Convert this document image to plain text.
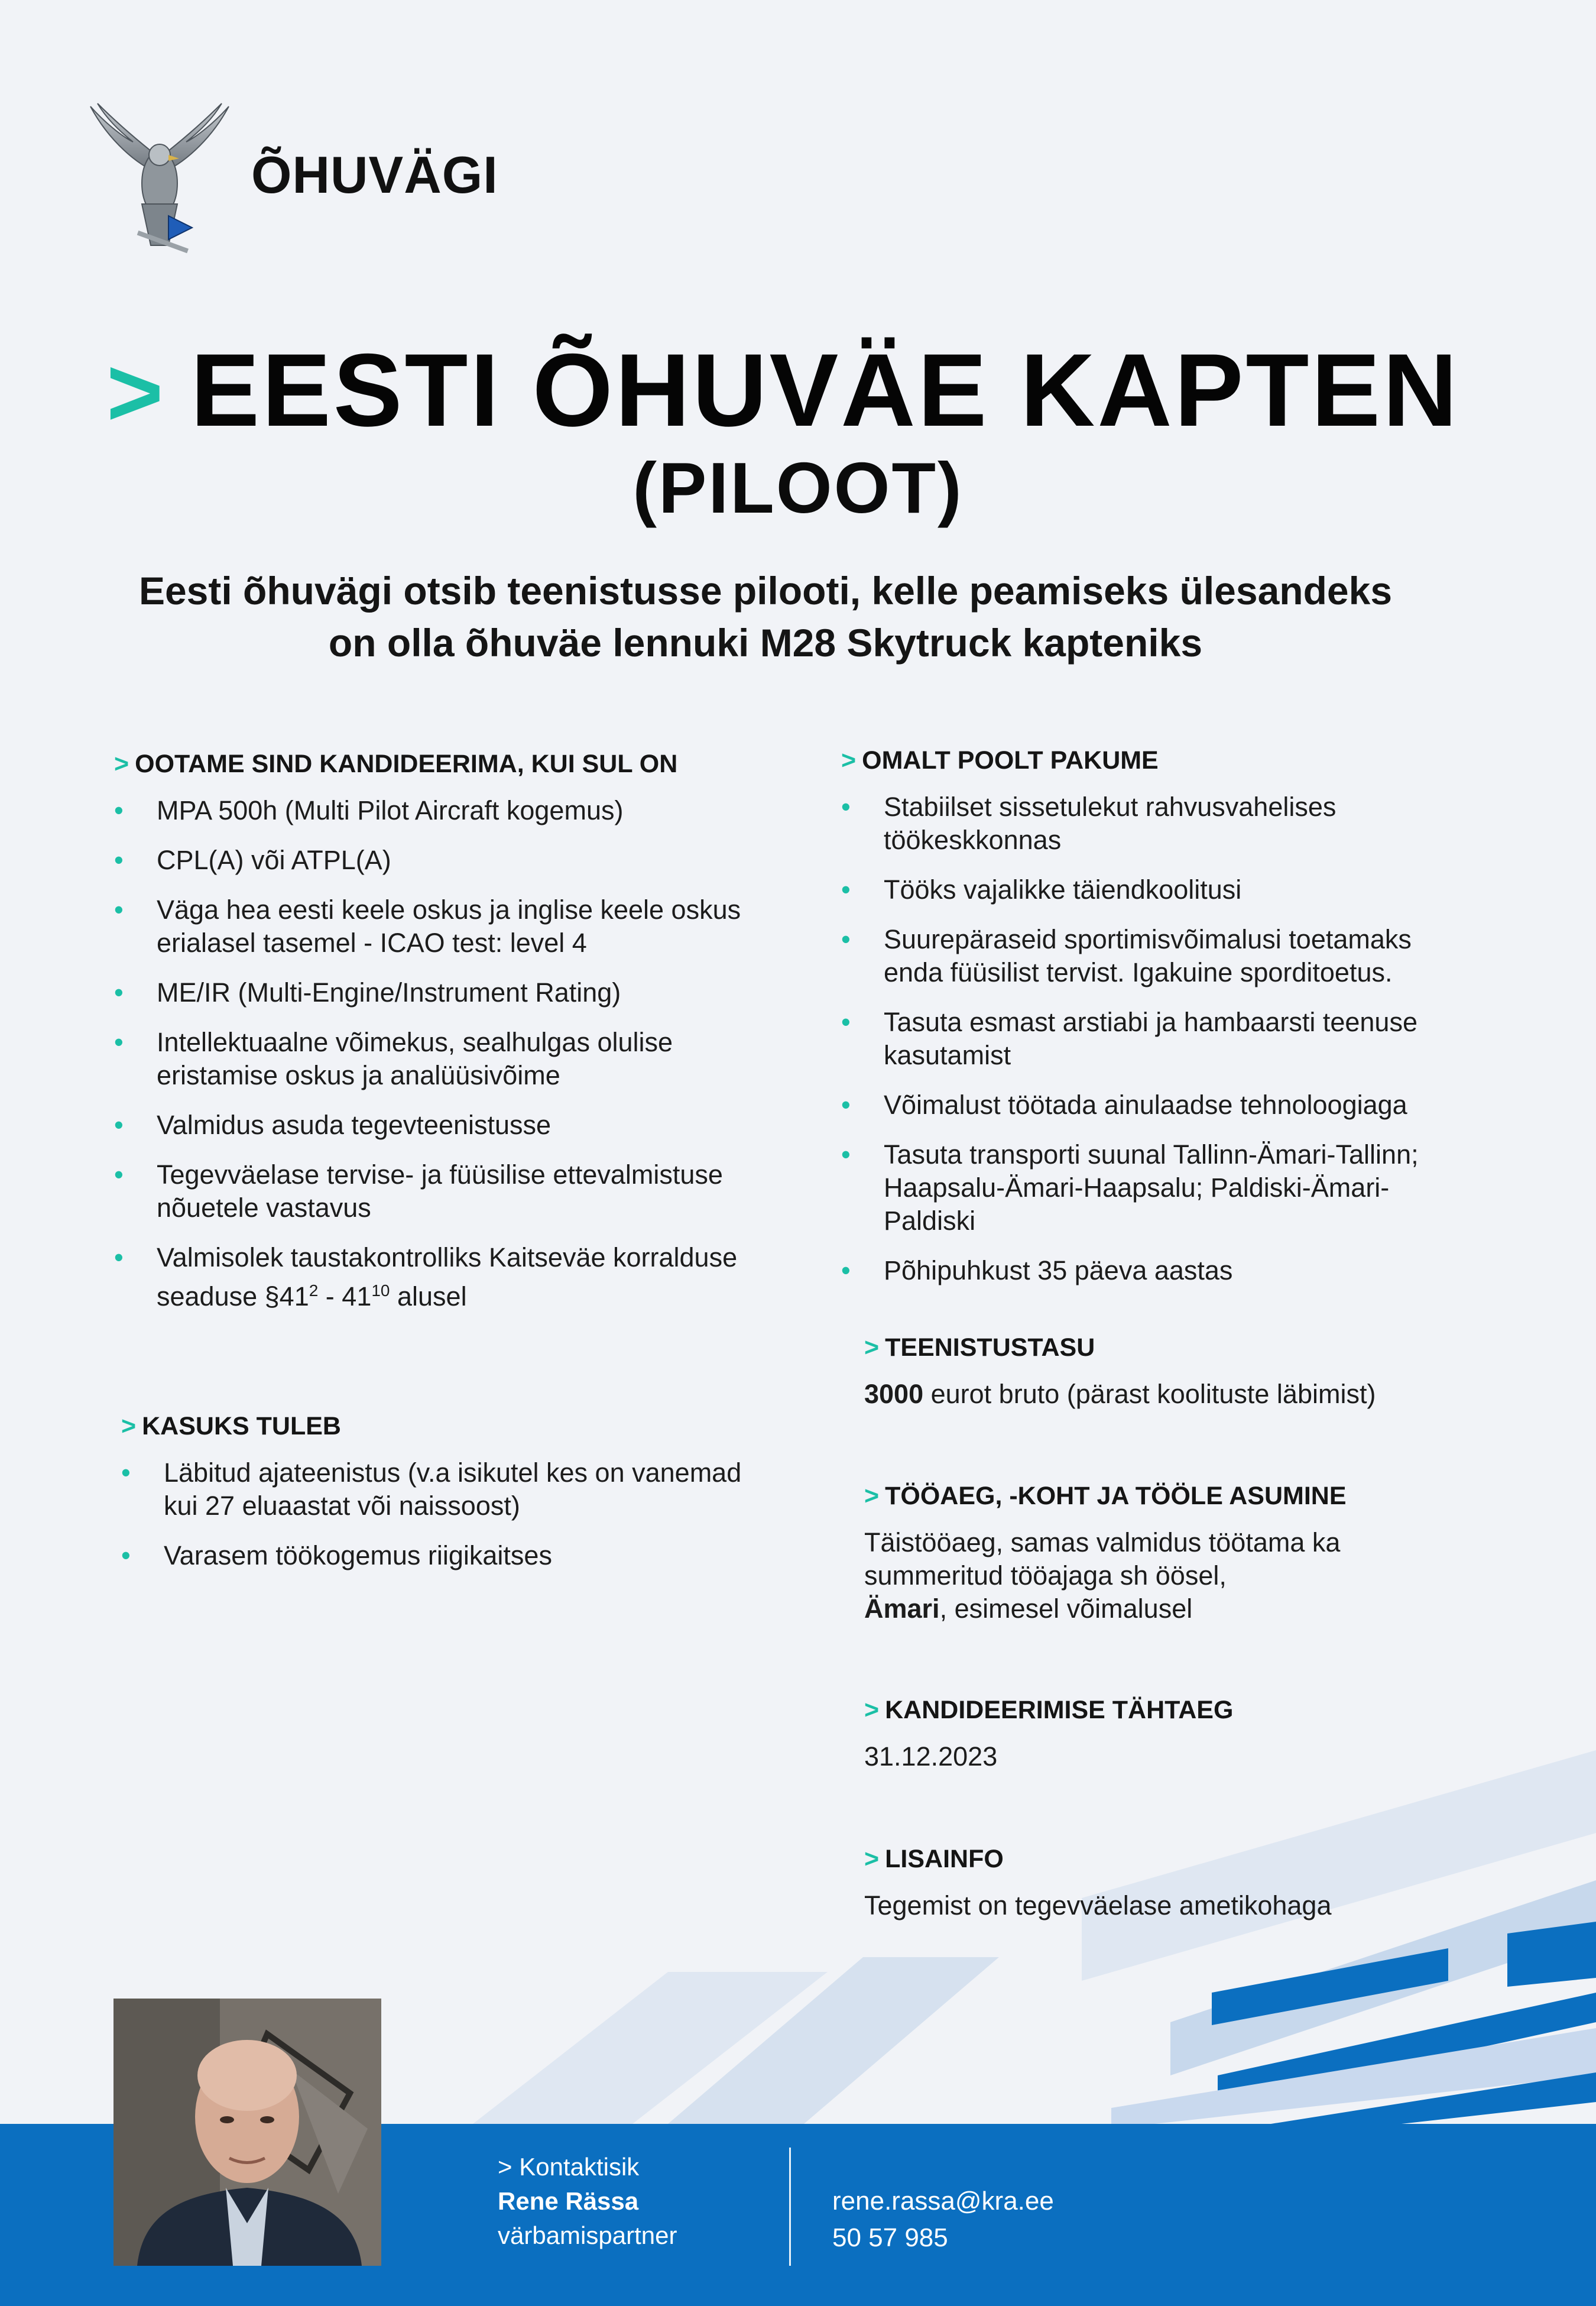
ÕHUVÄGI
> EESTI ÕHUVÄE KAPTEN
(PILOOT)
Eesti õhuvägi otsib teenistusse pilooti, kelle peamiseks ülesandeks
on olla õhuväe lennuki M28 Skytruck kapteniks
> OOTAME SIND KANDIDEERIMA, KUI SUL ON
• MPA 500h (Multi Pilot Aircraft kogemus)
• CPL(A) või ATPL(A)
• Väga hea eesti keele oskus ja inglise keele oskus erialasel tasemel - ICAO test: level 4
• ME/IR (Multi-Engine/Instrument Rating)
• Intellektuaalne võimekus, sealhulgas olulise eristamise oskus ja analüüsivõime
• Valmidus asuda tegevteenistusse
• Tegevväelase tervise- ja füüsilise ettevalmistuse nõuetele vastavus
• Valmisolek taustakontrolliks Kaitseväe korralduse
seaduse $\S 41^2 - 41^{10}$ alusel
> KASUKS TULEB
• Läbitud ajateenistus (v.a isikutel kes on vanemad kui 27 eluaastat või naissoost)
• Varasem töökogemus riigikaitses
> OMALT POOLT PAKUME
• Stabiilset sissetulekut rahvusvahelises töökeskkonnas
• Tööks vajalikke täiendkoolitusi
• Suurepäraseid sportimisvõimalusi toetamaks enda füüsilist tervist. Igakuine sporditoetus.
• Tasuta esmast arstiabi ja hambaarsti teenuse kasutamist
• Võimalust töötada ainulaadse tehnoloogiaga
• Tasuta transporti suunal Tallinn-Ämari-Tallinn; Haapsalu-Ämari-Haapsalu; Paldiski-Ämari-Paldiski
• Põhipuhkust 35 päeva aastas
> TEENISTUSTASU
3000 eurot bruto (pärast koolituste läbimist)
> TÖÖAEG, -KOHT JA TÖÖLE ASUMINE
Täistööaeg, samas valmidus töötama ka
summeritud tööajaga sh öösel,
Ämari, esimesel võimalusel
> KANDIDEERIMISE TÄHTAEG
31.12.2023
> LISAINFO
Tegemist on tegevväelase ametikohaga
> Kontaktisik
Rene Rässa
värbamispartner
rene.rassa@kra.ee
50 57 985
